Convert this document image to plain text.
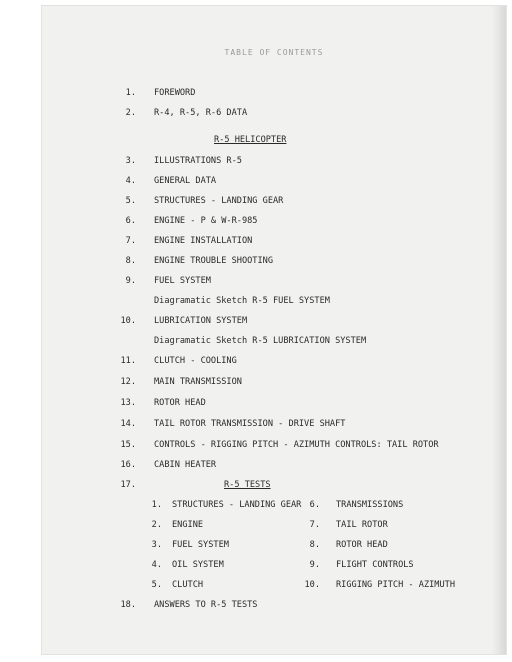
TABLE OF CONTENTS
1. FOREWORD
2. R-4, R-5, R-6 DATA
R-5 HELICOPTER
3. ILLUSTRATIONS R-5
4. GENERAL DATA
5. STRUCTURES - LANDING GEAR
6. ENGINE - P & W-R-985
7. ENGINE INSTALLATION
8. ENGINE TROUBLE SHOOTING
9. FUEL SYSTEM
Diagramatic Sketch R-5 FUEL SYSTEM
10. LUBRICATION SYSTEM
Diagramatic Sketch R-5 LUBRICATION SYSTEM
11. CLUTCH - COOLING
12. MAIN TRANSMISSION
13. ROTOR HEAD
14. TAIL ROTOR TRANSMISSION - DRIVE SHAFT
15. CONTROLS - RIGGING PITCH - AZIMUTH CONTROLS: TAIL ROTOR
16. CABIN HEATER
17.	R-5 TESTS
1. STRUCTURES - LANDING GEAR 6. TRANSMISSIONS
2. ENGINE	7. TAIL ROTOR
3. FUEL SYSTEM	8. ROTOR HEAD
4. OIL SYSTEM	9. FLIGHT CONTROLS
5. CLUTCH	10. RIGGING PITCH - AZIMUTH
18. ANSWERS TO R-5 TESTS
